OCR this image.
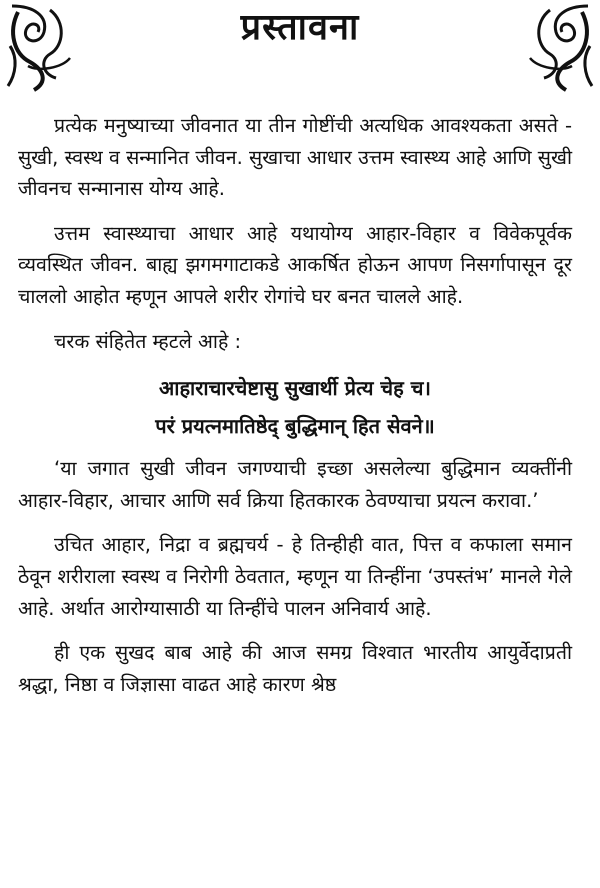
प्रस्तावना

प्रत्येक मनुष्याच्या जीवनात या तीन गोष्टींची अत्यधिक आवश्यकता असते - सुखी, स्वस्थ व सन्मानित जीवन. सुखाचा आधार उत्तम स्वास्थ्य आहे आणि सुखी जीवनच सन्मानास योग्य आहे.

उत्तम स्वास्थ्याचा आधार आहे यथायोग्य आहार-विहार व विवेकपूर्वक व्यवस्थित जीवन. बाह्य झगमगाटाकडे आकर्षित होऊन आपण निसर्गापासून दूर चाललो आहोत म्हणून आपले शरीर रोगांचे घर बनत चालले आहे.

चरक संहितेत म्हटले आहे :

आहाराचारचेष्टासु सुखार्थी प्रेत्य चेह च।

परं प्रयत्नमातिष्ठेद् बुद्धिमान् हित सेवने॥

‘या जगात सुखी जीवन जगण्याची इच्छा असलेल्या बुद्धिमान व्यक्तींनी आहार-विहार, आचार आणि सर्व क्रिया हितकारक ठेवण्याचा प्रयत्न करावा.’

उचित आहार, निद्रा व ब्रह्मचर्य - हे तिन्हीही वात, पित्त व कफाला समान ठेवून शरीराला स्वस्थ व निरोगी ठेवतात, म्हणून या तिन्हींना ‘उपस्तंभ’ मानले गेले आहे. अर्थात आरोग्यासाठी या तिन्हींचे पालन अनिवार्य आहे.

ही एक सुखद बाब आहे की आज समग्र विश्वात भारतीय आयुर्वेदाप्रती श्रद्धा, निष्ठा व जिज्ञासा वाढत आहे कारण श्रेष्ठ
